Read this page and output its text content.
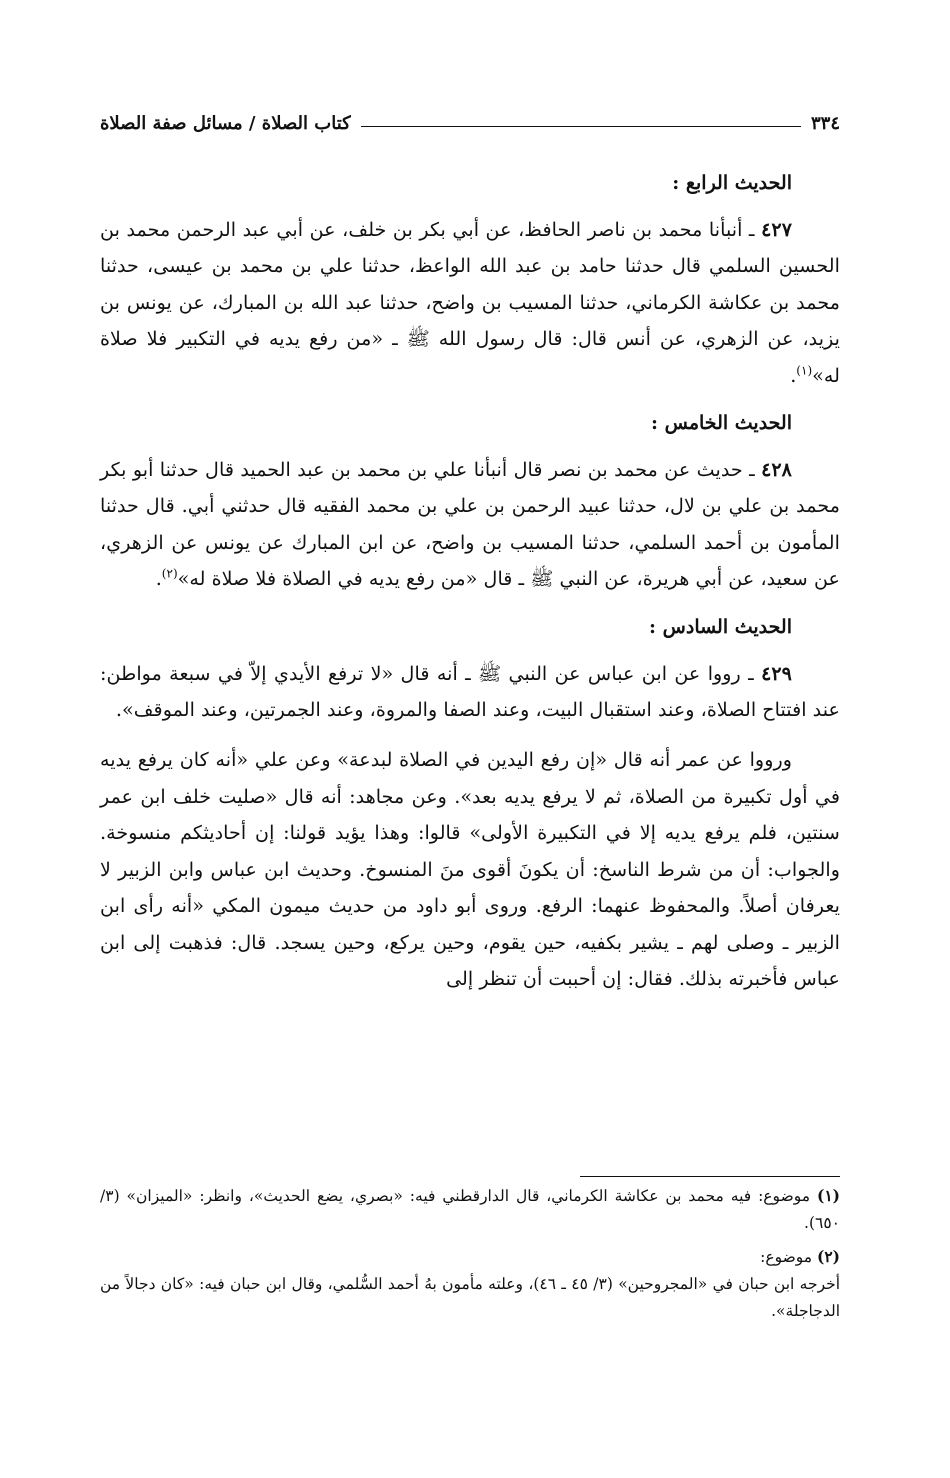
٣٣٤
كتاب الصلاة / مسائل صفة الصلاة

الحديث الرابع :

٤٢٧ ـ أنبأنا محمد بن ناصر الحافظ، عن أبي بكر بن خلف، عن أبي عبد الرحمن محمد بن الحسين السلمي قال حدثنا حامد بن عبد الله الواعظ، حدثنا علي بن محمد بن عيسى، حدثنا محمد بن عكاشة الكرماني، حدثنا المسيب بن واضح، حدثنا عبد الله بن المبارك، عن يونس بن يزيد، عن الزهري، عن أنس قال: قال رسول الله ﷺ ـ «من رفع يديه في التكبير فلا صلاة له»$^{(١)}$.

الحديث الخامس :

٤٢٨ ـ حديث عن محمد بن نصر قال أنبأنا علي بن محمد بن عبد الحميد قال حدثنا أبو بكر محمد بن علي بن لال، حدثنا عبيد الرحمن بن علي بن محمد الفقيه قال حدثني أبي. قال حدثنا المأمون بن أحمد السلمي، حدثنا المسيب بن واضح، عن ابن المبارك عن يونس عن الزهري، عن سعيد، عن أبي هريرة، عن النبي ﷺ ـ قال «من رفع يديه في الصلاة فلا صلاة له»$^{(٢)}$.

الحديث السادس :

٤٢٩ ـ رووا عن ابن عباس عن النبي ﷺ ـ أنه قال «لا ترفع الأيدي إلاّ في سبعة مواطن: عند افتتاح الصلاة، وعند استقبال البيت، وعند الصفا والمروة، وعند الجمرتين، وعند الموقف».

ورووا عن عمر أنه قال «إن رفع اليدين في الصلاة لبدعة» وعن علي «أنه كان يرفع يديه في أول تكبيرة من الصلاة، ثم لا يرفع يديه بعد». وعن مجاهد: أنه قال «صليت خلف ابن عمر سنتين، فلم يرفع يديه إلا في التكبيرة الأولى» قالوا: وهذا يؤيد قولنا: إن أحاديثكم منسوخة. والجواب: أن من شرط الناسخ: أن يكونَ أقوى منَ المنسوخ. وحديث ابن عباس وابن الزبير لا يعرفان أصلاً. والمحفوظ عنهما: الرفع. وروى أبو داود من حديث ميمون المكي «أنه رأى ابن الزبير ـ وصلى لهم ـ يشير بكفيه، حين يقوم، وحين يركع، وحين يسجد. قال: فذهبت إلى ابن عباس فأخبرته بذلك. فقال: إن أحببت أن تنظر إلى

(١) موضوع: فيه محمد بن عكاشة الكرماني، قال الدارقطني فيه: «بصري، يضع الحديث»، وانظر: «الميزان» (٣/ ٦٥٠).

(٢) موضوع:

أخرجه ابن حبان في «المجروحين» (٣/ ٤٥ ـ ٤٦)، وعلته مأمون بهُ أحمد السُّلمي، وقال ابن حبان فيه: «كان دجالاً من الدجاجلة».
